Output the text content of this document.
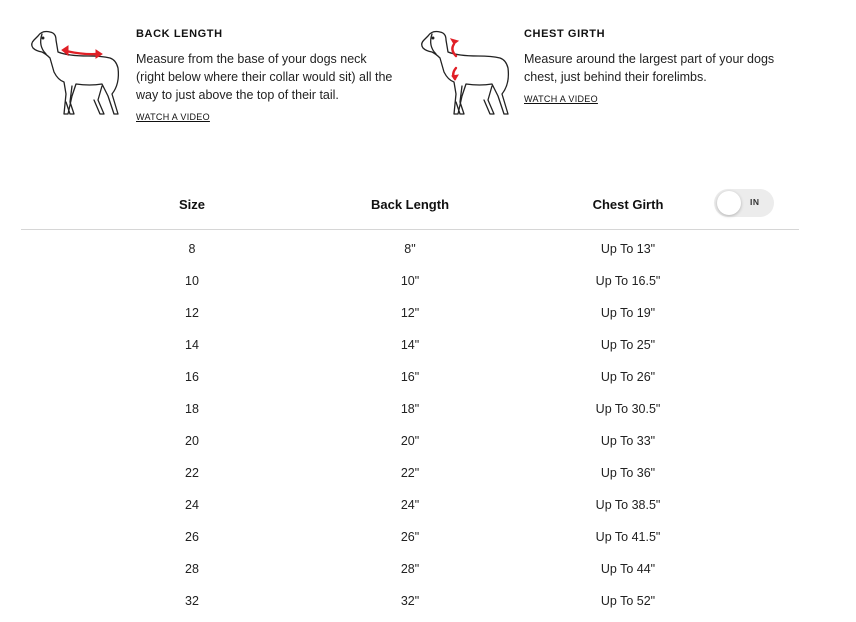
BACK LENGTH
Measure from the base of your dogs neck (right below where their collar would sit) all the way to just above the top of their tail.
WATCH A VIDEO
CHEST GIRTH
Measure around the largest part of your dogs chest, just behind their forelimbs.
WATCH A VIDEO
Size	Back Length	Chest Girth	IN
8	8"	Up To 13"
10	10"	Up To 16.5"
12	12"	Up To 19"
14	14"	Up To 25"
16	16"	Up To 26"
18	18"	Up To 30.5"
20	20"	Up To 33"
22	22"	Up To 36"
24	24"	Up To 38.5"
26	26"	Up To 41.5"
28	28"	Up To 44"
32	32"	Up To 52"
